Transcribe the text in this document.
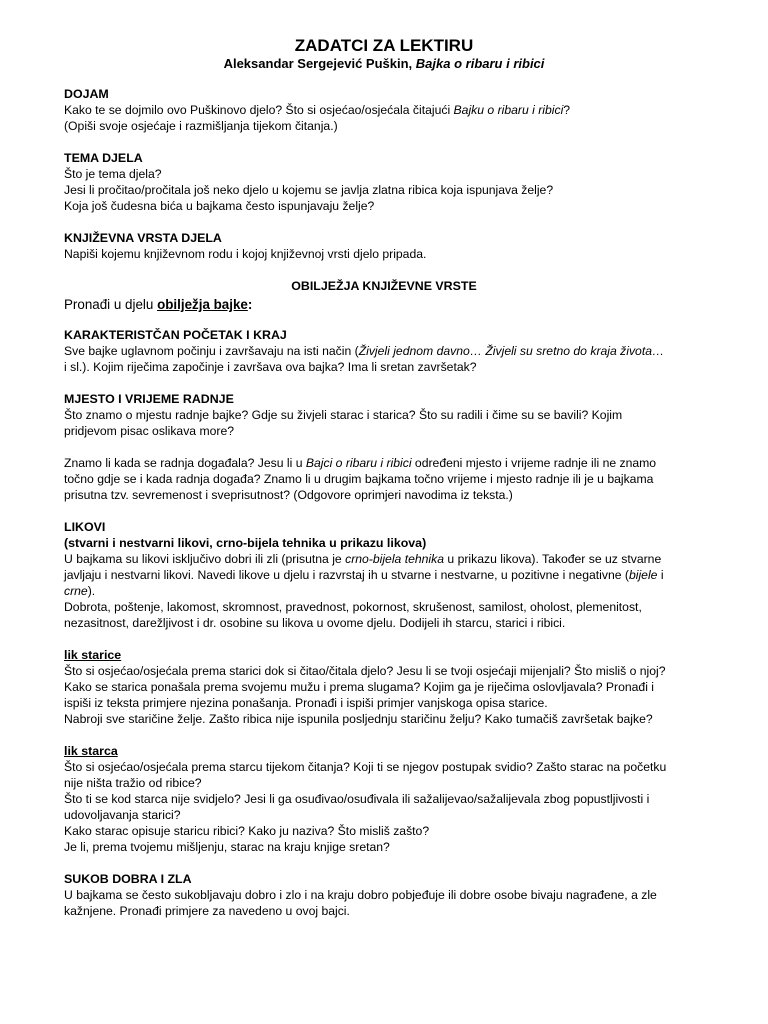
ZADATCI ZA LEKTIRU

Aleksandar Sergejević Puškin, Bajka o ribaru i ribici

DOJAM

Kako te se dojmilo ovo Puškinovo djelo? Što si osjećao/osjećala čitajući Bajku o ribaru i ribici?

(Opiši svoje osjećaje i razmišljanja tijekom čitanja.)

TEMA DJELA

Što je tema djela?

Jesi li pročitao/pročitala još neko djelo u kojemu se javlja zlatna ribica koja ispunjava želje?

Koja još čudesna bića u bajkama često ispunjavaju želje?

KNJIŽEVNA VRSTA DJELA

Napiši kojemu književnom rodu i kojoj književnoj vrsti djelo pripada.

OBILJEŽJA KNJIŽEVNE VRSTE

Pronađi u djelu obilježja bajke:

KARAKTERISTČAN POČETAK I KRAJ

Sve bajke uglavnom počinju i završavaju na isti način (Živjeli jednom davno… Živjeli su sretno do kraja života…

i sl.). Kojim riječima započinje i završava ova bajka? Ima li sretan završetak?

MJESTO I VRIJEME RADNJE

Što znamo o mjestu radnje bajke? Gdje su živjeli starac i starica? Što su radili i čime su se bavili? Kojim

pridjevom pisac oslikava more?

Znamo li kada se radnja događala? Jesu li u Bajci o ribaru i ribici određeni mjesto i vrijeme radnje ili ne znamo

točno gdje se i kada radnja događa? Znamo li u drugim bajkama točno vrijeme i mjesto radnje ili je u bajkama

prisutna tzv. sevremenost i sveprisutnost? (Odgovore oprimjeri navodima iz teksta.)

LIKOVI

(stvarni i nestvarni likovi, crno-bijela tehnika u prikazu likova)

U bajkama su likovi isključivo dobri ili zli (prisutna je crno-bijela tehnika u prikazu likova). Također se uz stvarne

javljaju i nestvarni likovi. Navedi likove u djelu i razvrstaj ih u stvarne i nestvarne, u pozitivne i negativne (bijele i

crne).

Dobrota, poštenje, lakomost, skromnost, pravednost, pokornost, skrušenost, samilost, oholost, plemenitost,

nezasitnost, darežljivost i dr. osobine su likova u ovome djelu. Dodijeli ih starcu, starici i ribici.

lik starice

Što si osjećao/osjećala prema starici dok si čitao/čitala djelo? Jesu li se tvoji osjećaji mijenjali? Što misliš o njoj?

Kako se starica ponašala prema svojemu mužu i prema slugama? Kojim ga je riječima oslovljavala? Pronađi i

ispiši iz teksta primjere njezina ponašanja. Pronađi i ispiši primjer vanjskoga opisa starice.

Nabroji sve staričine želje. Zašto ribica nije ispunila posljednju staričinu želju? Kako tumačiš završetak bajke?

lik starca

Što si osjećao/osjećala prema starcu tijekom čitanja? Koji ti se njegov postupak svidio? Zašto starac na početku

nije ništa tražio od ribice?

Što ti se kod starca nije svidjelo? Jesi li ga osuđivao/osuđivala ili sažalijevao/sažalijevala zbog popustljivosti i

udovoljavanja starici?

Kako starac opisuje staricu ribici? Kako ju naziva? Što misliš zašto?

Je li, prema tvojemu mišljenju, starac na kraju knjige sretan?

SUKOB DOBRA I ZLA

U bajkama se često sukobljavaju dobro i zlo i na kraju dobro pobjeđuje ili dobre osobe bivaju nagrađene, a zle

kažnjene. Pronađi primjere za navedeno u ovoj bajci.
